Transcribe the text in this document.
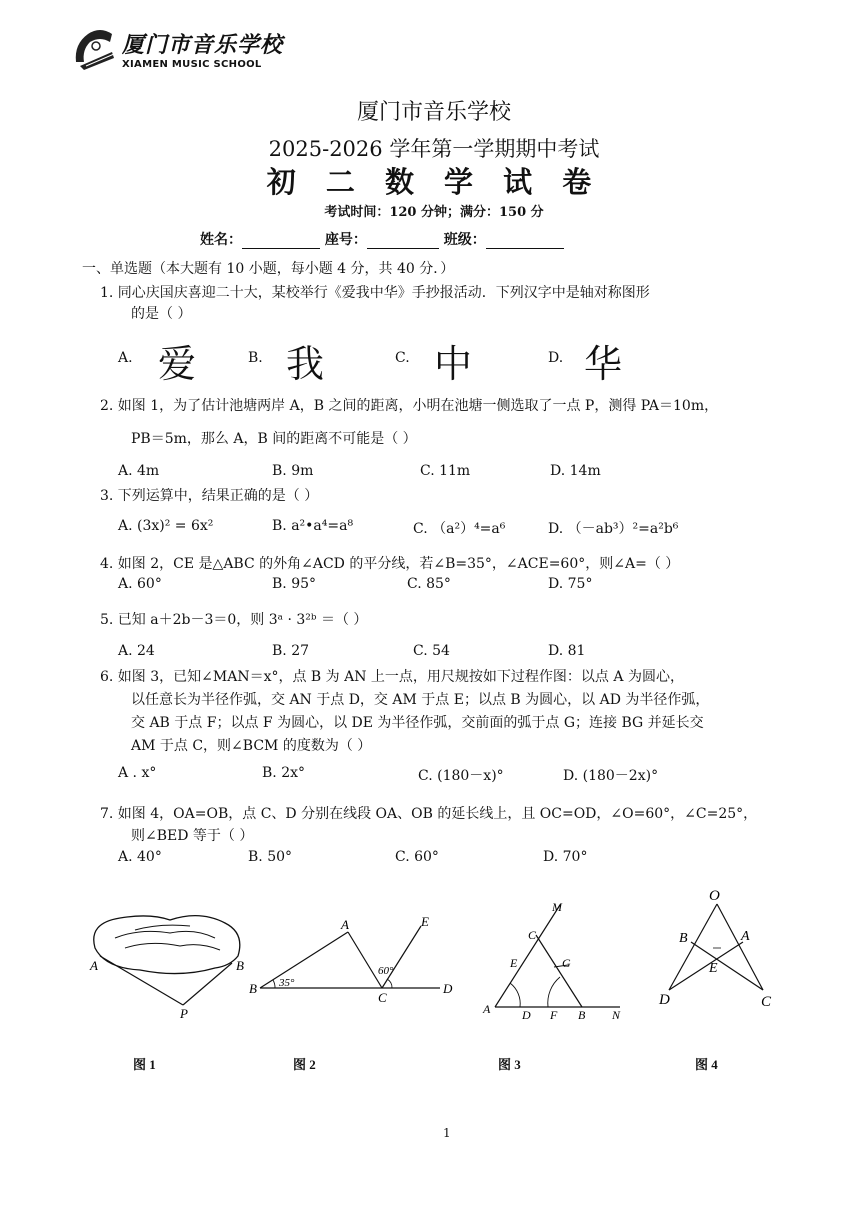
厦门市音乐学校
XIAMEN MUSIC SCHOOL
厦门市音乐学校
2025-2026 学年第一学期期中考试
初 二 数 学 试 卷
考试时间：120 分钟；满分：150 分
姓名：	座号：	班级：
一、单选题（本大题有 10 小题，每小题 4 分，共 40 分．）
1. 同心庆国庆喜迎二十大，某校举行《爱我中华》手抄报活动．下列汉字中是轴对称图形
的是（ ）
A. 爱	B. 我	C. 中	D. 华
2. 如图 1，为了估计池塘两岸 A，B 之间的距离，小明在池塘一侧选取了一点 P，测得 PA＝10m，
PB＝5m，那么 A，B 间的距离不可能是（ ）
A. 4m	B. 9m	C. 11m	D. 14m
3. 下列运算中，结果正确的是（ ）
A. (3x)² = 6x²	B. a²•a⁴=a⁸	C. （a²）⁴=a⁶	D. （－ab³）²=a²b⁶
4. 如图 2，CE 是△ABC 的外角∠ACD 的平分线，若∠B=35°，∠ACE=60°，则∠A=（ ）
A. 60°	B. 95°	C. 85°	D. 75°
5. 已知 a＋2b－3＝0，则 3ᵃ · 3²ᵇ ＝（ ）
A. 24	B. 27	C. 54	D. 81
6. 如图 3，已知∠MAN＝x°，点 B 为 AN 上一点，用尺规按如下过程作图：以点 A 为圆心，
以任意长为半径作弧，交 AN 于点 D，交 AM 于点 E；以点 B 为圆心，以 AD 为半径作弧，
交 AB 于点 F；以点 F 为圆心，以 DE 为半径作弧，交前面的弧于点 G；连接 BG 并延长交
AM 于点 C，则∠BCM 的度数为（ ）
A . x°	B. 2x°	C. (180－x)°	D. (180－2x)°
7. 如图 4，OA=OB，点 C、D 分别在线段 OA、OB 的延长线上，且 OC=OD，∠O=60°，∠C=25°，
则∠BED 等于（ ）
A. 40°	B. 50°	C. 60°	D. 70°
A	B
P
B
A
C
D
E
35°
60°
M
C
E	G
A	D F B N
O
B	A
E
D	C
图 1	图 2	图 3	图 4
1
